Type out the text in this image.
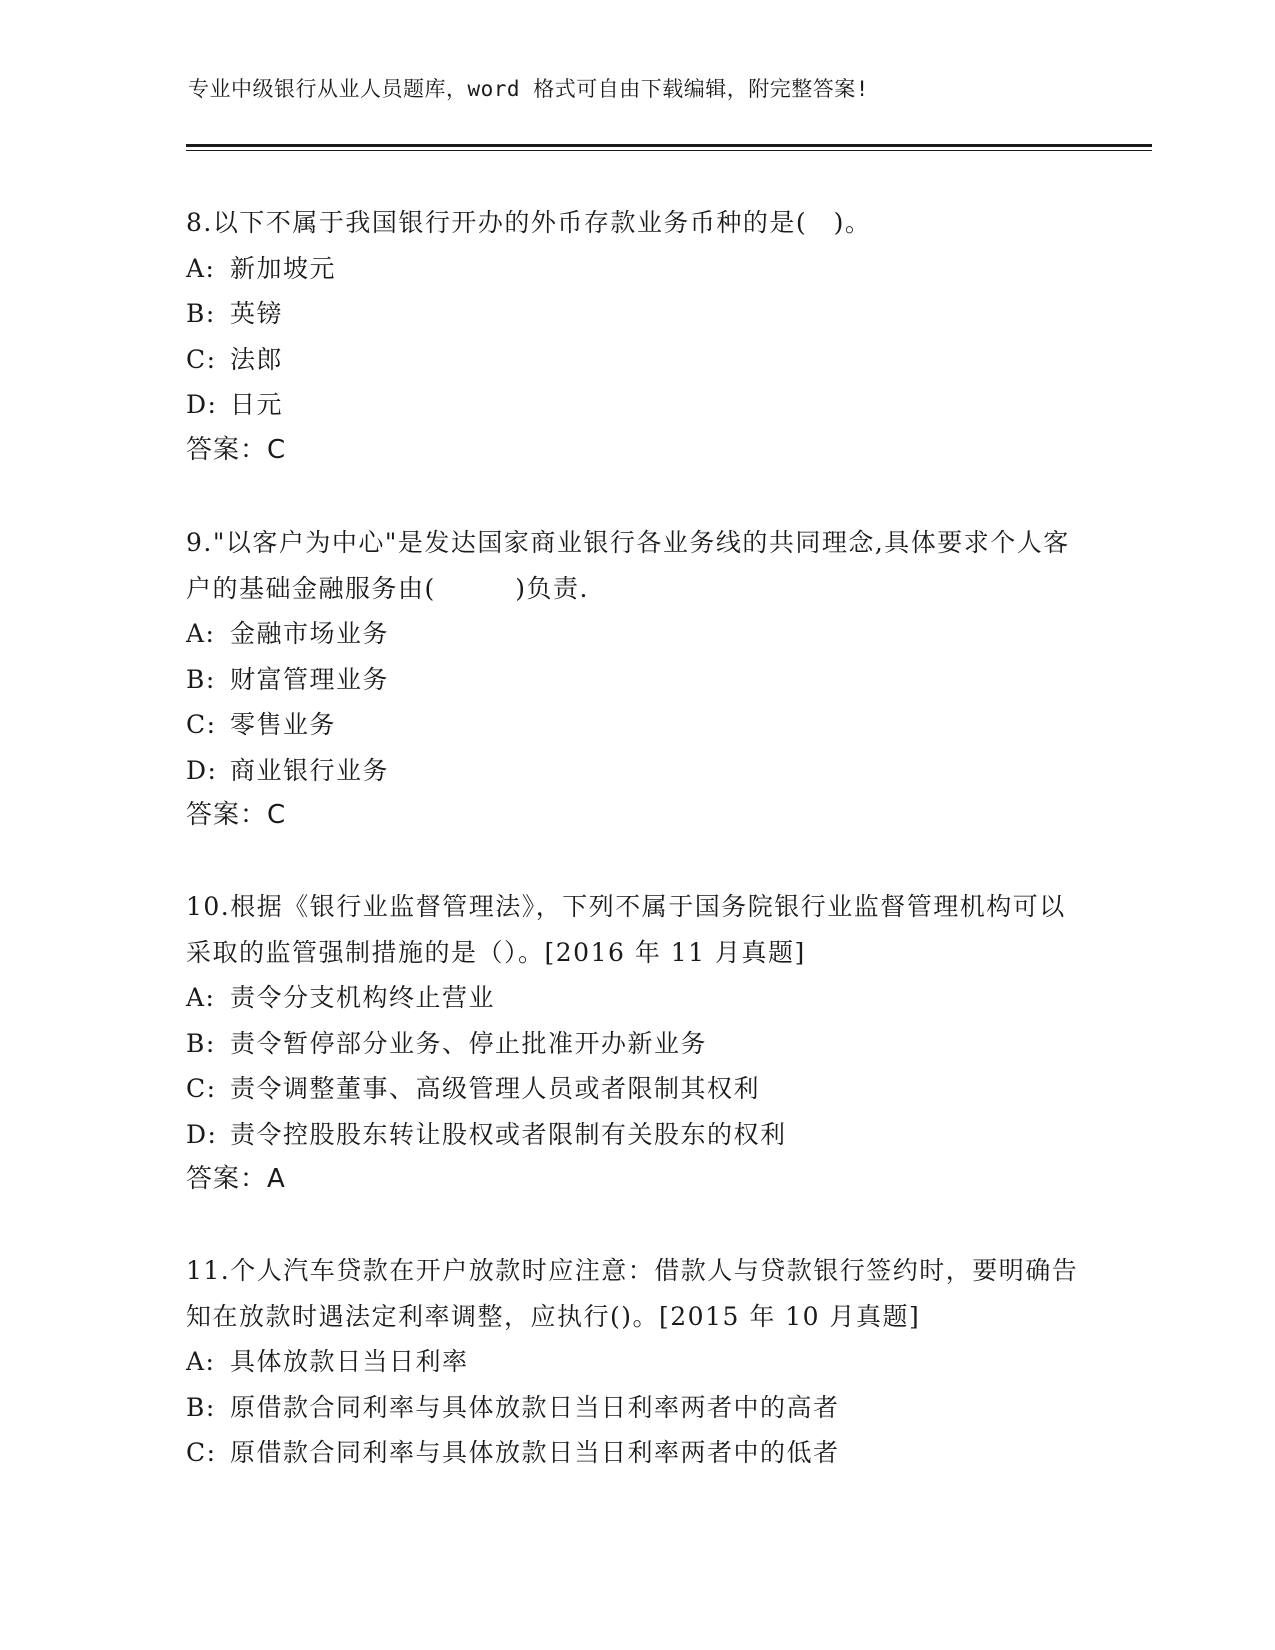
专业中级银行从业人员题库，word 格式可自由下载编辑，附完整答案!
8.以下不属于我国银行开办的外币存款业务币种的是(　)。
A: 新加坡元
B: 英镑
C: 法郎
D: 日元
答案：C
9."以客户为中心"是发达国家商业银行各业务线的共同理念,具体要求个人客户的基础金融服务由(　　　)负责.
A: 金融市场业务
B: 财富管理业务
C: 零售业务
D: 商业银行业务
答案：C
10.根据《银行业监督管理法》，下列不属于国务院银行业监督管理机构可以采取的监管强制措施的是（）。[2016 年 11 月真题]
A: 责令分支机构终止营业
B: 责令暂停部分业务、停止批准开办新业务
C: 责令调整董事、高级管理人员或者限制其权利
D: 责令控股股东转让股权或者限制有关股东的权利
答案：A
11.个人汽车贷款在开户放款时应注意：借款人与贷款银行签约时，要明确告知在放款时遇法定利率调整，应执行()。[2015 年 10 月真题]
A: 具体放款日当日利率
B: 原借款合同利率与具体放款日当日利率两者中的高者
C: 原借款合同利率与具体放款日当日利率两者中的低者
